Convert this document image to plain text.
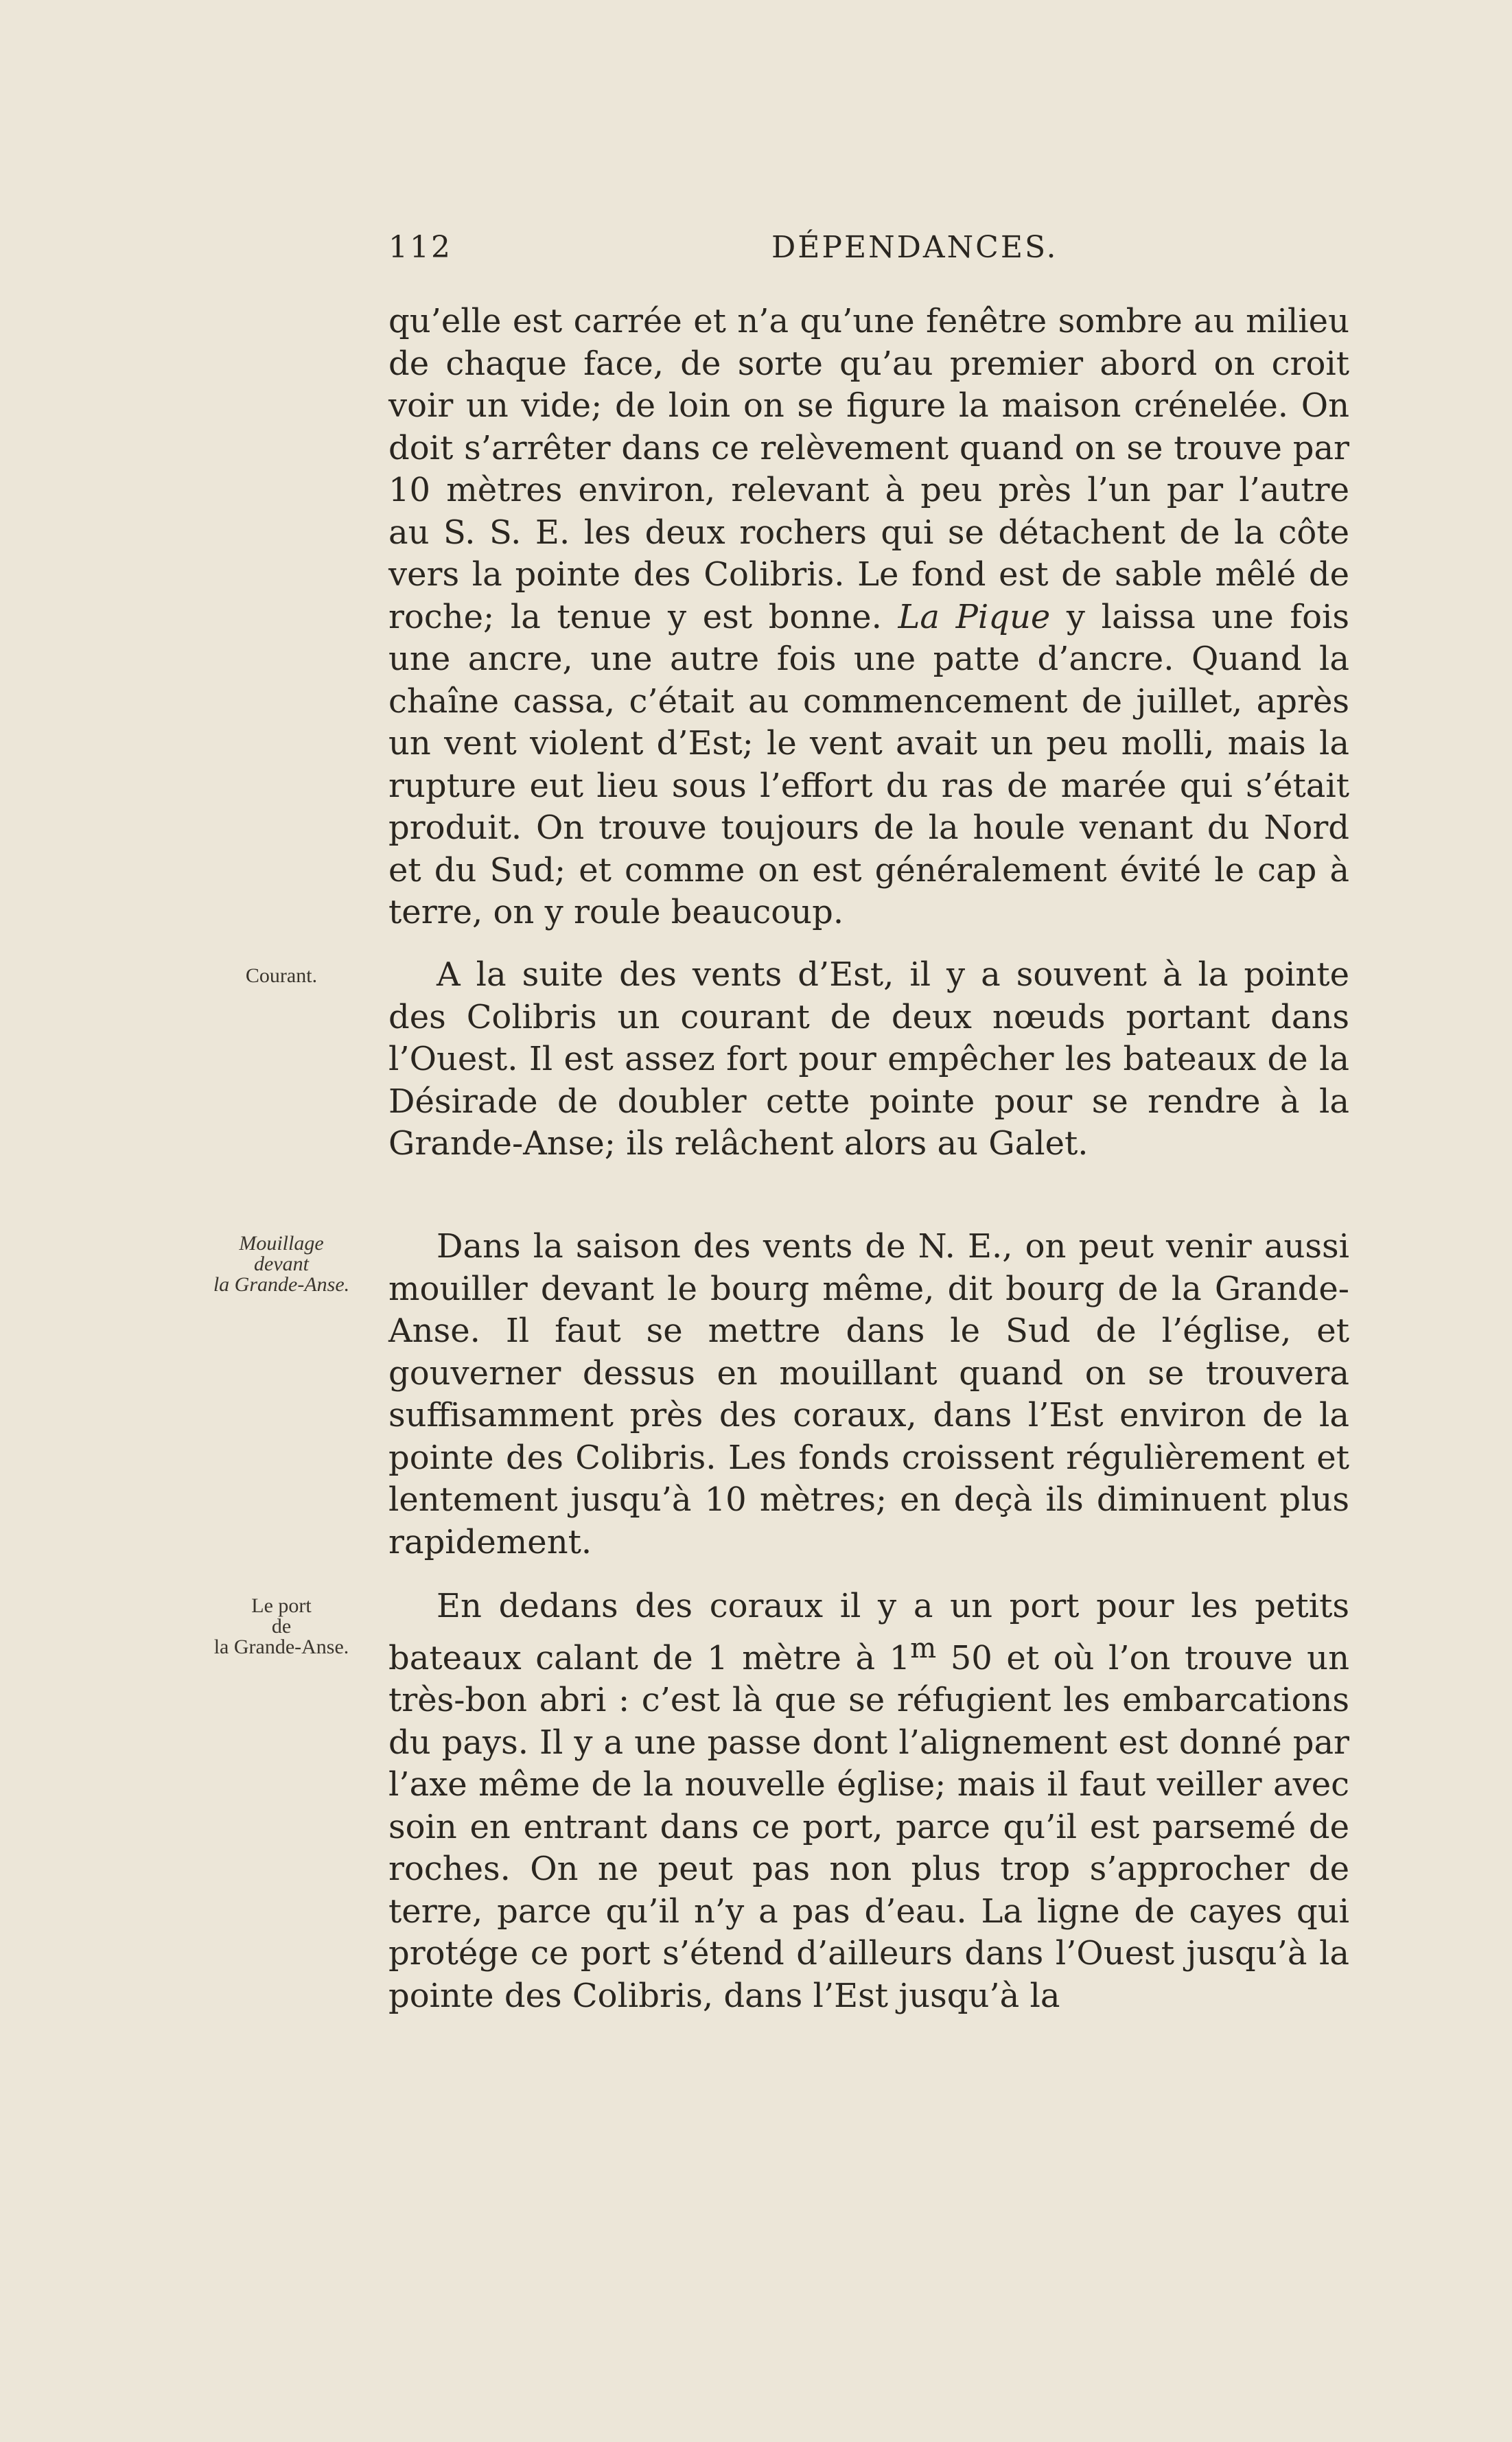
112	DÉPENDANCES.

qu’elle est carrée et n’a qu’une fenêtre sombre au milieu de chaque face, de sorte qu’au premier abord on croit voir un vide; de loin on se figure la maison crénelée. On doit s’arrêter dans ce relèvement quand on se trouve par 10 mètres environ, relevant à peu près l’un par l’autre au S. S. E. les deux rochers qui se détachent de la côte vers la pointe des Colibris. Le fond est de sable mêlé de roche; la tenue y est bonne. La Pique y laissa une fois une ancre, une autre fois une patte d’ancre. Quand la chaîne cassa, c’était au commencement de juillet, après un vent violent d’Est; le vent avait un peu molli, mais la rupture eut lieu sous l’effort du ras de marée qui s’était produit. On trouve toujours de la houle venant du Nord et du Sud; et comme on est généralement évité le cap à terre, on y roule beaucoup.

Courant.	A la suite des vents d’Est, il y a souvent à la pointe des Colibris un courant de deux nœuds portant dans l’Ouest. Il est assez fort pour empêcher les bateaux de la Désirade de doubler cette pointe pour se rendre à la Grande-Anse; ils relâchent alors au Galet.

Mouillage
devant
la Grande-Anse.

Dans la saison des vents de N. E., on peut venir aussi mouiller devant le bourg même, dit bourg de la Grande-Anse. Il faut se mettre dans le Sud de l’église, et gouverner dessus en mouillant quand on se trouvera suffisamment près des coraux, dans l’Est environ de la pointe des Colibris. Les fonds croissent régulièrement et lentement jusqu’à 10 mètres; en deçà ils diminuent plus rapidement.

Le port
de
la Grande-Anse.

En dedans des coraux il y a un port pour les petits bateaux calant de 1 mètre à 1$^m$ 50 et où l’on trouve un très-bon abri : c’est là que se réfugient les embarcations du pays. Il y a une passe dont l’alignement est donné par l’axe même de la nouvelle église; mais il faut veiller avec soin en entrant dans ce port, parce qu’il est parsemé de roches. On ne peut pas non plus trop s’approcher de terre, parce qu’il n’y a pas d’eau. La ligne de cayes qui protége ce port s’étend d’ailleurs dans l’Ouest jusqu’à la pointe des Colibris, dans l’Est jusqu’à la
